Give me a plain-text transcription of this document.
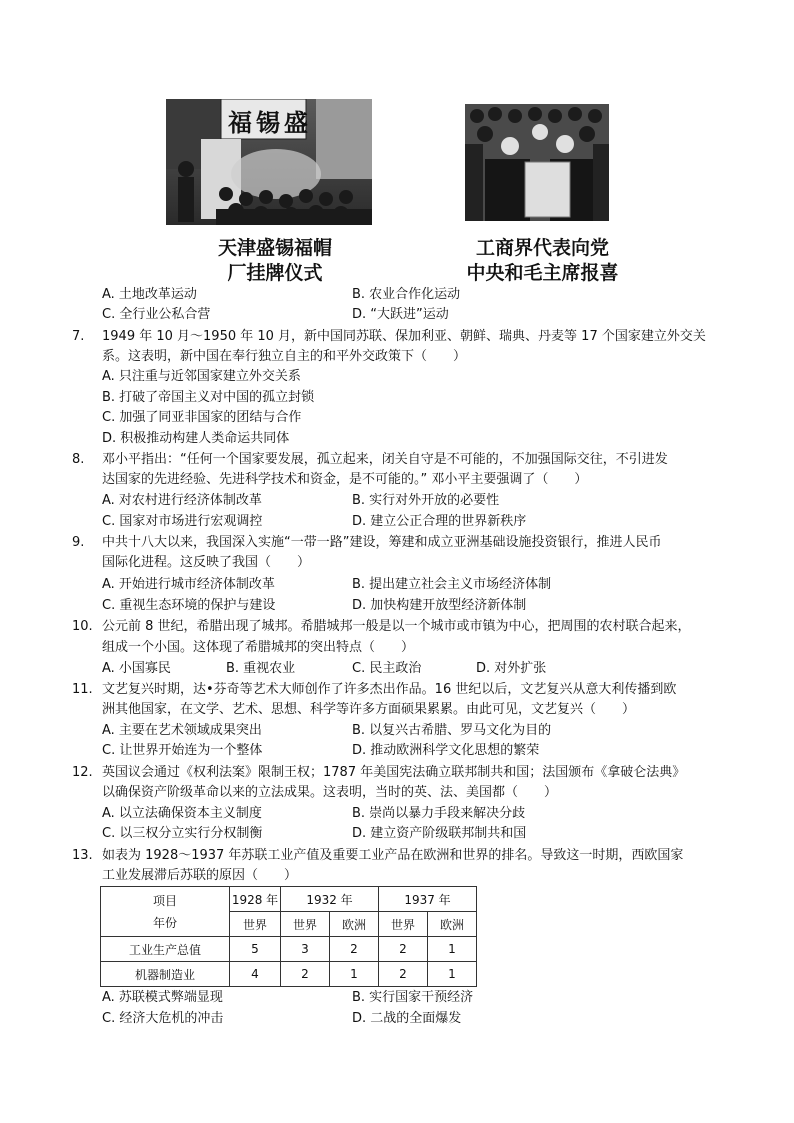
福锡盛
天津盛锡福帽
厂挂牌仪式
工商界代表向党
中央和毛主席报喜
A. 土地改革运动	B. 农业合作化运动
C. 全行业公私合营	D. “大跃进”运动
7. 1949 年 10 月～1950 年 10 月，新中国同苏联、保加利亚、朝鲜、瑞典、丹麦等 17 个国家建立外交关
系。这表明，新中国在奉行独立自主的和平外交政策下（　　）
A. 只注重与近邻国家建立外交关系
B. 打破了帝国主义对中国的孤立封锁
C. 加强了同亚非国家的团结与合作
D. 积极推动构建人类命运共同体
8. 邓小平指出：“任何一个国家要发展，孤立起来，闭关自守是不可能的，不加强国际交往，不引进发
达国家的先进经验、先进科学技术和资金，是不可能的。” 邓小平主要强调了（　　）
A. 对农村进行经济体制改革	B. 实行对外开放的必要性
C. 国家对市场进行宏观调控	D. 建立公正合理的世界新秩序
9. 中共十八大以来，我国深入实施“一带一路”建设，筹建和成立亚洲基础设施投资银行，推进人民币
国际化进程。这反映了我国（　　）
A. 开始进行城市经济体制改革	B. 提出建立社会主义市场经济体制
C. 重视生态环境的保护与建设	D. 加快构建开放型经济新体制
10. 公元前 8 世纪，希腊出现了城邦。希腊城邦一般是以一个城市或市镇为中心，把周围的农村联合起来，
组成一个小国。这体现了希腊城邦的突出特点（　　）
A. 小国寡民	B. 重视农业	C. 民主政治	D. 对外扩张
11. 文艺复兴时期，达•芬奇等艺术大师创作了许多杰出作品。16 世纪以后，文艺复兴从意大利传播到欧
洲其他国家，在文学、艺术、思想、科学等许多方面硕果累累。由此可见，文艺复兴（　　）
A. 主要在艺术领域成果突出	B. 以复兴古希腊、罗马文化为目的
C. 让世界开始连为一个整体	D. 推动欧洲科学文化思想的繁荣
12. 英国议会通过《权利法案》限制王权；1787 年美国宪法确立联邦制共和国；法国颁布《拿破仑法典》
以确保资产阶级革命以来的立法成果。这表明，当时的英、法、美国都（　　）
A. 以立法确保资本主义制度	B. 崇尚以暴力手段来解决分歧
C. 以三权分立实行分权制衡	D. 建立资产阶级联邦制共和国
13. 如表为 1928～1937 年苏联工业产值及重要工业产品在欧洲和世界的排名。导致这一时期，西欧国家
工业发展滞后苏联的原因（　　）
项目
年份	1928 年	1932 年		1937 年	
	世界	世界	欧洲	世界	欧洲
工业生产总值	5	3	2	2	1
机器制造业	4	2	1	2	1
A. 苏联模式弊端显现	B. 实行国家干预经济
C. 经济大危机的冲击	D. 二战的全面爆发
